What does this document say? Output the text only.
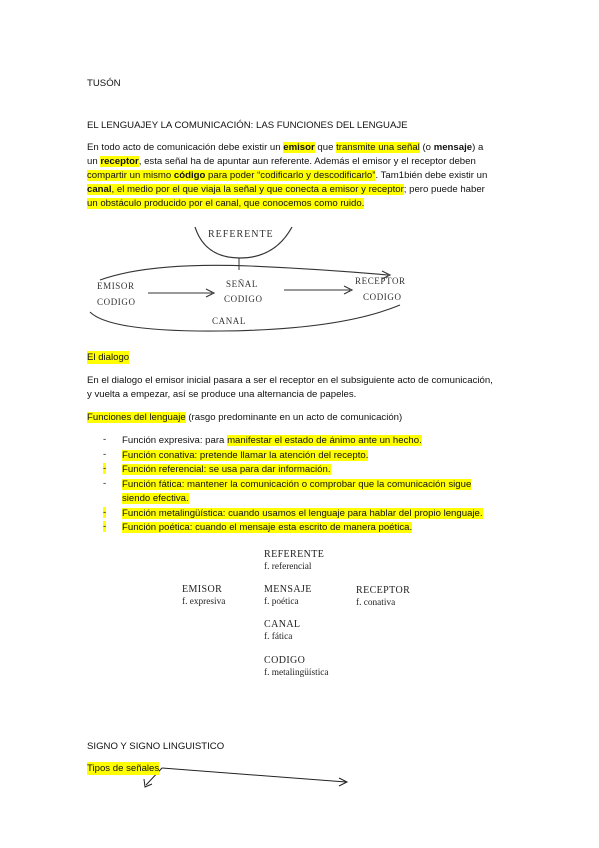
TUSÓN
EL LENGUAJEY LA COMUNICACIÓN: LAS FUNCIONES DEL LENGUAJE
En todo acto de comunicación debe existir un emisor que transmite una señal (o mensaje) a
un receptor, esta señal ha de apuntar aun referente. Además el emisor y el receptor deben
compartir un mismo código para poder “codificarlo y descodificarlo”. Tam1bién debe existir un
canal, el medio por el que viaja la señal y que conecta a emisor y receptor; pero puede haber
un obstáculo producido por el canal, que conocemos como ruido.
REFERENTE
EMISOR
CODIGO
SEÑAL
CODIGO
RECEPTOR
CODIGO
CANAL
El dialogo
En el dialogo el emisor inicial pasara a ser el receptor en el subsiguiente acto de comunicación,
y vuelta a empezar, así se produce una alternancia de papeles.
Funciones del lenguaje (rasgo predominante en un acto de comunicación)
- Función expresiva: para manifestar el estado de ánimo ante un hecho.
- Función conativa: pretende llamar la atención del recepto.
- Función referencial: se usa para dar información.
- Función fática: mantener la comunicación o comprobar que la comunicación sigue
siendo efectiva.
- Función metalingüística: cuando usamos el lenguaje para hablar del propio lenguaje.
- Función poética: cuando el mensaje esta escrito de manera poética.
REFERENTE
f. referencial
EMISOR
f. expresiva
MENSAJE
f. poética
RECEPTOR
f. conativa
CANAL
f. fática
CODIGO
f. metalingüística
SIGNO Y SIGNO LINGUISTICO
Tipos de señales
